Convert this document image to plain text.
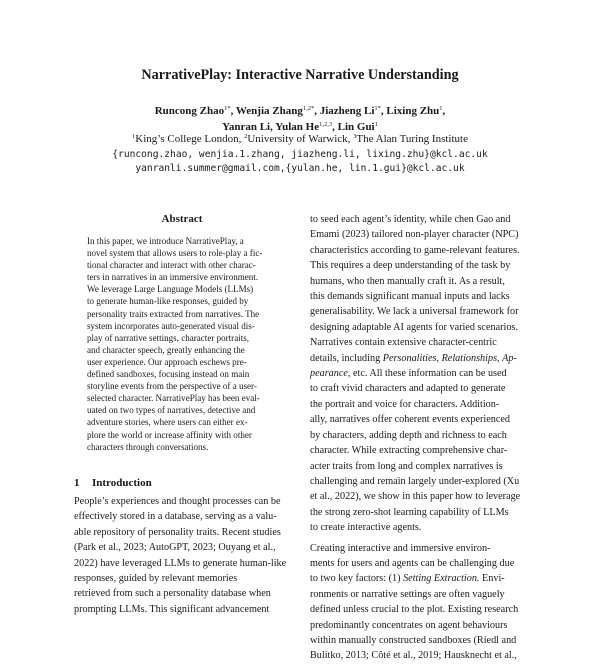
NarrativePlay: Interactive Narrative Understanding
Runcong Zhao$^{1*}$, Wenjia Zhang$^{1,2*}$, Jiazheng $Li^{1*}$, Lixing Zhu$^1$,
Yanran Li, Yulan He$^{1,2,3}$, Lin Gui$^1$
$^1$King’s College London, $^2$University of Warwick, $^3$The Alan Turing Institute
{runcong.zhao, wenjia.1.zhang, jiazheng.li, lixing.zhu}@kcl.ac.uk
yanranli.summer@gmail.com,{yulan.he, lin.1.gui}@kcl.ac.uk
Abstract
In this paper, we introduce NarrativePlay, a
novel system that allows users to role-play a fic-
tional character and interact with other charac-
ters in narratives in an immersive environment.
We leverage Large Language Models (LLMs)
to generate human-like responses, guided by
personality traits extracted from narratives. The
system incorporates auto-generated visual dis-
play of narrative settings, character portraits,
and character speech, greatly enhancing the
user experience. Our approach eschews pre-
defined sandboxes, focusing instead on main
storyline events from the perspective of a user-
selected character. NarrativePlay has been eval-
uated on two types of narratives, detective and
adventure stories, where users can either ex-
plore the world or increase affinity with other
characters through conversations.
1 Introduction
People’s experiences and thought processes can be
effectively stored in a database, serving as a valu-
able repository of personality traits. Recent studies
(Park et al., 2023; AutoGPT, 2023; Ouyang et al.,
2022) have leveraged LLMs to generate human-like
responses, guided by relevant memories
retrieved from such a personality database when
prompting LLMs. This significant advancement
to seed each agent’s identity, while chen Gao and
Emami (2023) tailored non-player character (NPC)
characteristics according to game-relevant features.
This requires a deep understanding of the task by
humans, who then manually craft it. As a result,
this demands significant manual inputs and lacks
generalisability. We lack a universal framework for
designing adaptable AI agents for varied scenarios.
Narratives contain extensive character-centric
details, including Personalities, Relationships, Ap-
pearance, etc. All these information can be used
to craft vivid characters and adapted to generate
the portrait and voice for characters. Addition-
ally, narratives offer coherent events experienced
by characters, adding depth and richness to each
character. While extracting comprehensive char-
acter traits from long and complex narratives is
challenging and remain largely under-explored (Xu
et al., 2022), we show in this paper how to leverage
the strong zero-shot learning capability of LLMs
to create interactive agents.
Creating interactive and immersive environ-
ments for users and agents can be challenging due
to two key factors: (1) Setting Extraction. Envi-
ronments or narrative settings are often vaguely
defined unless crucial to the plot. Existing research
predominantly concentrates on agent behaviours
within manually constructed sandboxes (Riedl and
Bulitko, 2013; Côté et al., 2019; Hausknecht et al.,
